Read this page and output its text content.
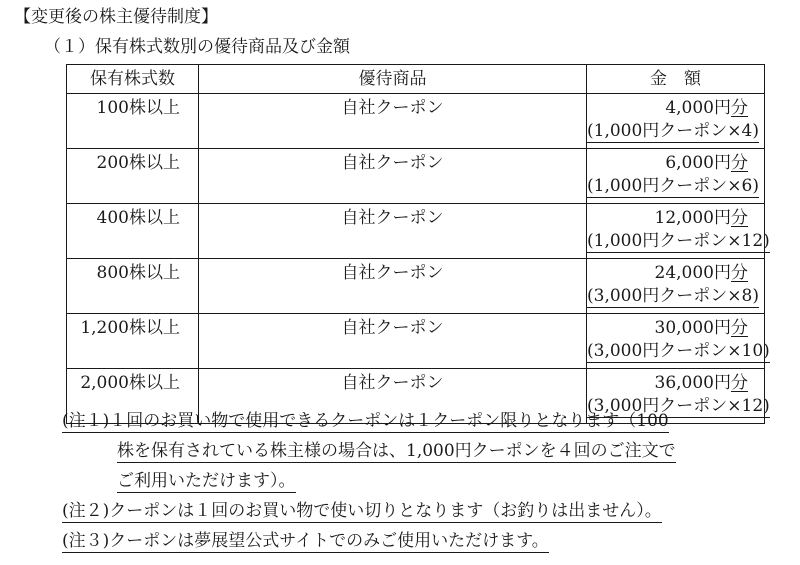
【変更後の株主優待制度】
（１）保有株式数別の優待商品及び金額
保有株式数	優待商品	金　額
100株以上	自社クーポン	4,000円分
(1,000円クーポン×4)

200株以上	自社クーポン	6,000円分
(1,000円クーポン×6)

400株以上	自社クーポン	12,000円分
(1,000円クーポン×12)

800株以上	自社クーポン	24,000円分
(3,000円クーポン×8)

1,200株以上	自社クーポン	30,000円分
(3,000円クーポン×10)

2,000株以上	自社クーポン	36,000円分
(3,000円クーポン×12)
(注１)１回のお買い物で使用できるクーポンは１クーポン限りとなります（100
株を保有されている株主様の場合は、1,000円クーポンを４回のご注文で
ご利用いただけます）。
(注２)クーポンは１回のお買い物で使い切りとなります（お釣りは出ません）。
(注３)クーポンは夢展望公式サイトでのみご使用いただけます。
